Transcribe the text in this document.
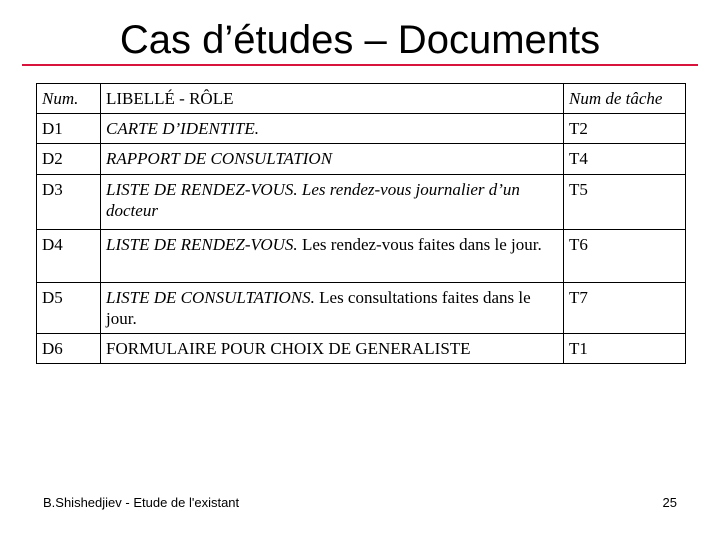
Cas d’études – Documents
Num.	LIBELLÉ - RÔLE	Num de tâche
D1	CARTE D’IDENTITE.	T2
D2	RAPPORT DE CONSULTATION	T4
D3	LISTE DE RENDEZ-VOUS. Les rendez-vous journalier d’un docteur	T5
D4	LISTE DE RENDEZ-VOUS. Les rendez-vous faites dans le jour.	T6
D5	LISTE DE CONSULTATIONS. Les consultations faites dans le jour.	T7
D6	FORMULAIRE POUR CHOIX DE GENERALISTE	T1
B.Shishedjiev - Etude de l'existant	25
